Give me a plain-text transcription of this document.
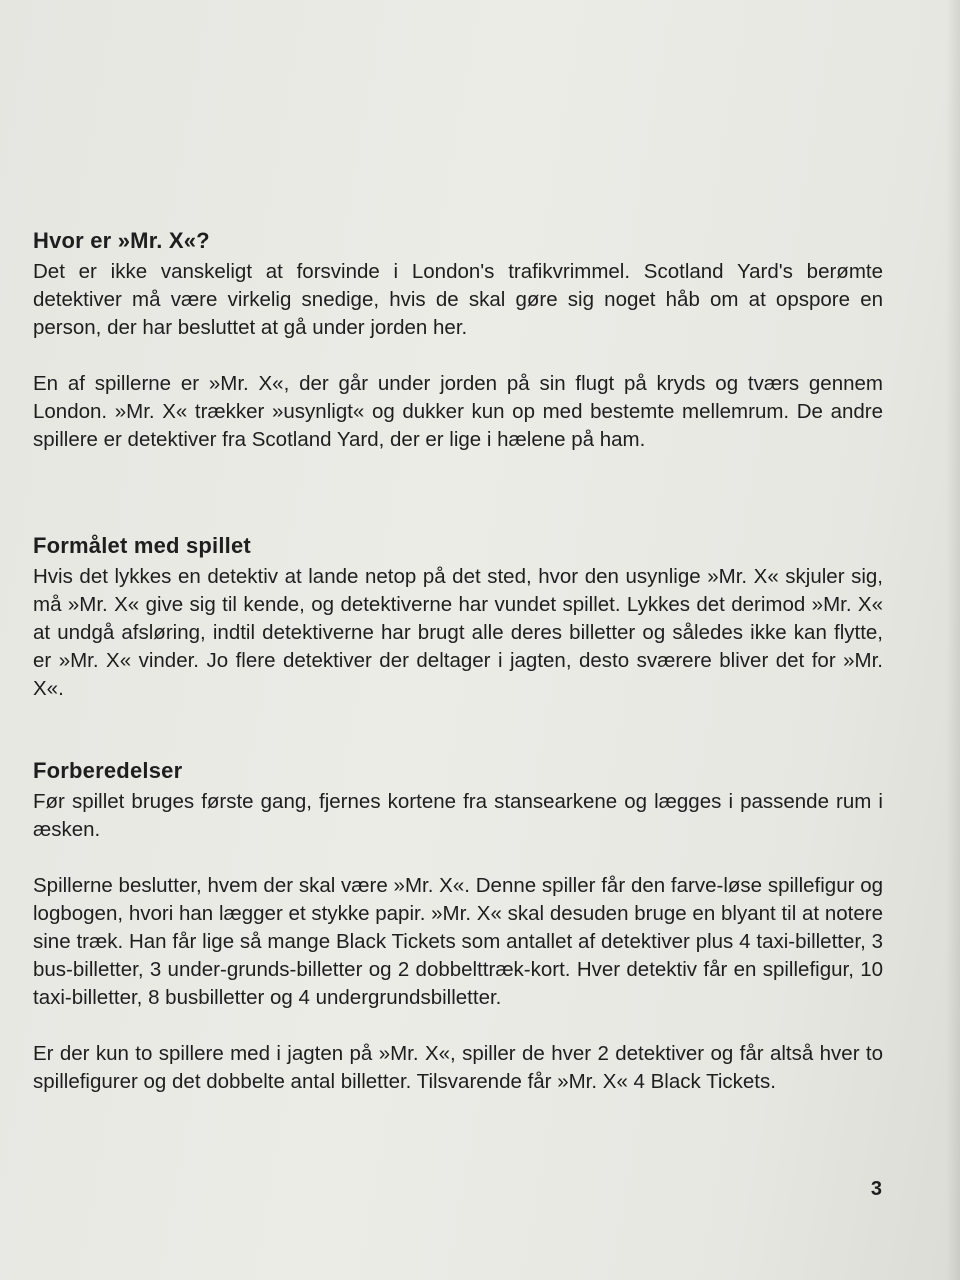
Hvor er »Mr. X«?

Det er ikke vanskeligt at forsvinde i London's trafikvrimmel. Scotland Yard's berømte detektiver må være virkelig snedige, hvis de skal gøre sig noget håb om at opspore en person, der har besluttet at gå under jorden her.

En af spillerne er »Mr. X«, der går under jorden på sin flugt på kryds og tværs gennem London. »Mr. X« trækker »usynligt« og dukker kun op med bestemte mellemrum. De andre spillere er detektiver fra Scotland Yard, der er lige i hælene på ham.

Formålet med spillet

Hvis det lykkes en detektiv at lande netop på det sted, hvor den usynlige »Mr. X« skjuler sig, må »Mr. X« give sig til kende, og detektiverne har vundet spillet. Lykkes det derimod »Mr. X« at undgå afsløring, indtil detektiverne har brugt alle deres billetter og således ikke kan flytte, er »Mr. X« vinder. Jo flere detektiver der deltager i jagten, desto sværere bliver det for »Mr. X«.

Forberedelser

Før spillet bruges første gang, fjernes kortene fra stansearkene og lægges i passende rum i æsken.

Spillerne beslutter, hvem der skal være »Mr. X«. Denne spiller får den farve-løse spillefigur og logbogen, hvori han lægger et stykke papir. »Mr. X« skal desuden bruge en blyant til at notere sine træk. Han får lige så mange Black Tickets som antallet af detektiver plus 4 taxi-billetter, 3 bus-billetter, 3 under-grunds-billetter og 2 dobbelttræk-kort. Hver detektiv får en spillefigur, 10 taxi-billetter, 8 busbilletter og 4 undergrundsbilletter.

Er der kun to spillere med i jagten på »Mr. X«, spiller de hver 2 detektiver og får altså hver to spillefigurer og det dobbelte antal billetter. Tilsvarende får »Mr. X« 4 Black Tickets.

3
